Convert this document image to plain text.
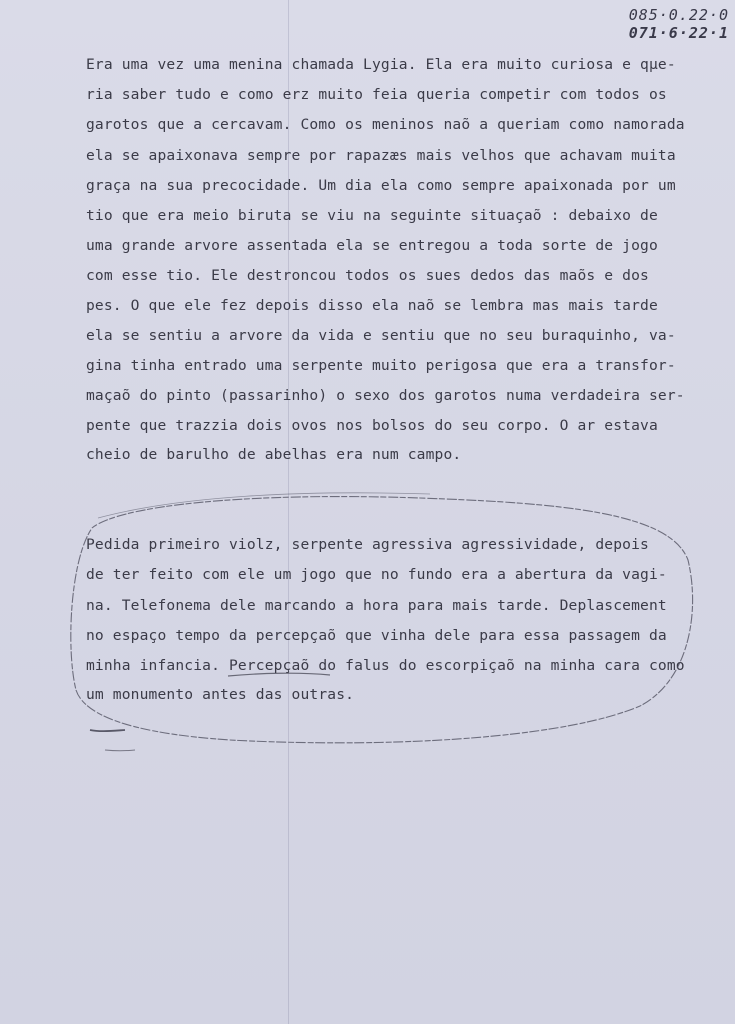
085·0.22·0
071·6·22·1
Era uma vez uma menina chamada Lygia. Ela era muito curiosa e qµe-
ria saber tudo e como erz muito feia queria competir com todos os
garotos que a cercavam. Como os meninos naõ a queriam como namorada
ela se apaixonava sempre por rapazæs mais velhos que achavam muita
graça na sua precocidade. Um dia ela como sempre apaixonada por um
tio que era meio biruta se viu na seguinte situaçaõ : debaixo de
uma grande arvore assentada ela se entregou a toda sorte de jogo
com esse tio. Ele destroncou todos os sues dedos das maõs e dos
pes. O que ele fez depois disso ela naõ se lembra mas mais tarde
ela se sentiu a arvore da vida e sentiu que no seu buraquinho, va-
gina tinha entrado uma serpente muito perigosa que era a transfor-
maçaõ do pinto (passarinho) o sexo dos garotos numa verdadeira ser-
pente que trazzia dois ovos nos bolsos do seu corpo. O ar estava
cheio de barulho de abelhas era num campo.
Pedida primeiro violz, serpente agressiva agressividade, depois
de ter feito com ele um jogo que no fundo era a abertura da vagi-
na. Telefonema dele marcando a hora para mais tarde. Deplascement
no espaço tempo da percepçaõ que vinha dele para essa passagem da
minha infancia. Percepçaõ do falus do escorpiçaõ na minha cara como
um monumento antes das outras.
